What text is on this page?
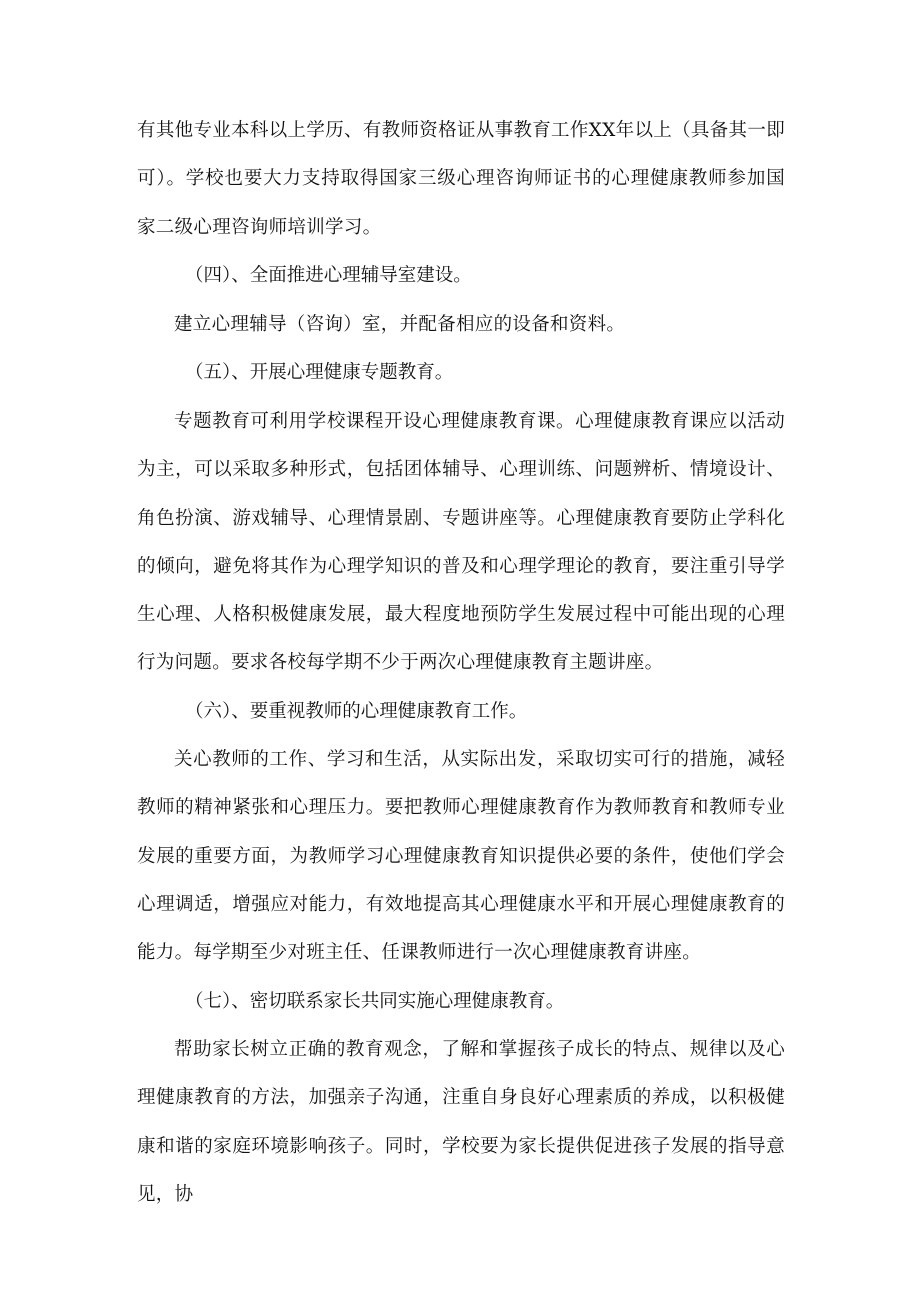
有其他专业本科以上学历、有教师资格证从事教育工作XX年以上（具备其一即可）。学校也要大力支持取得国家三级心理咨询师证书的心理健康教师参加国家二级心理咨询师培训学习。

（四）、全面推进心理辅导室建设。

建立心理辅导（咨询）室，并配备相应的设备和资料。

（五）、开展心理健康专题教育。

专题教育可利用学校课程开设心理健康教育课。心理健康教育课应以活动为主，可以采取多种形式，包括团体辅导、心理训练、问题辨析、情境设计、角色扮演、游戏辅导、心理情景剧、专题讲座等。心理健康教育要防止学科化的倾向，避免将其作为心理学知识的普及和心理学理论的教育，要注重引导学生心理、人格积极健康发展，最大程度地预防学生发展过程中可能出现的心理行为问题。要求各校每学期不少于两次心理健康教育主题讲座。

（六）、要重视教师的心理健康教育工作。

关心教师的工作、学习和生活，从实际出发，采取切实可行的措施，减轻教师的精神紧张和心理压力。要把教师心理健康教育作为教师教育和教师专业发展的重要方面，为教师学习心理健康教育知识提供必要的条件，使他们学会心理调适，增强应对能力，有效地提高其心理健康水平和开展心理健康教育的能力。每学期至少对班主任、任课教师进行一次心理健康教育讲座。

（七）、密切联系家长共同实施心理健康教育。

帮助家长树立正确的教育观念，了解和掌握孩子成长的特点、规律以及心理健康教育的方法，加强亲子沟通，注重自身良好心理素质的养成，以积极健康和谐的家庭环境影响孩子。同时，学校要为家长提供促进孩子发展的指导意见，协
